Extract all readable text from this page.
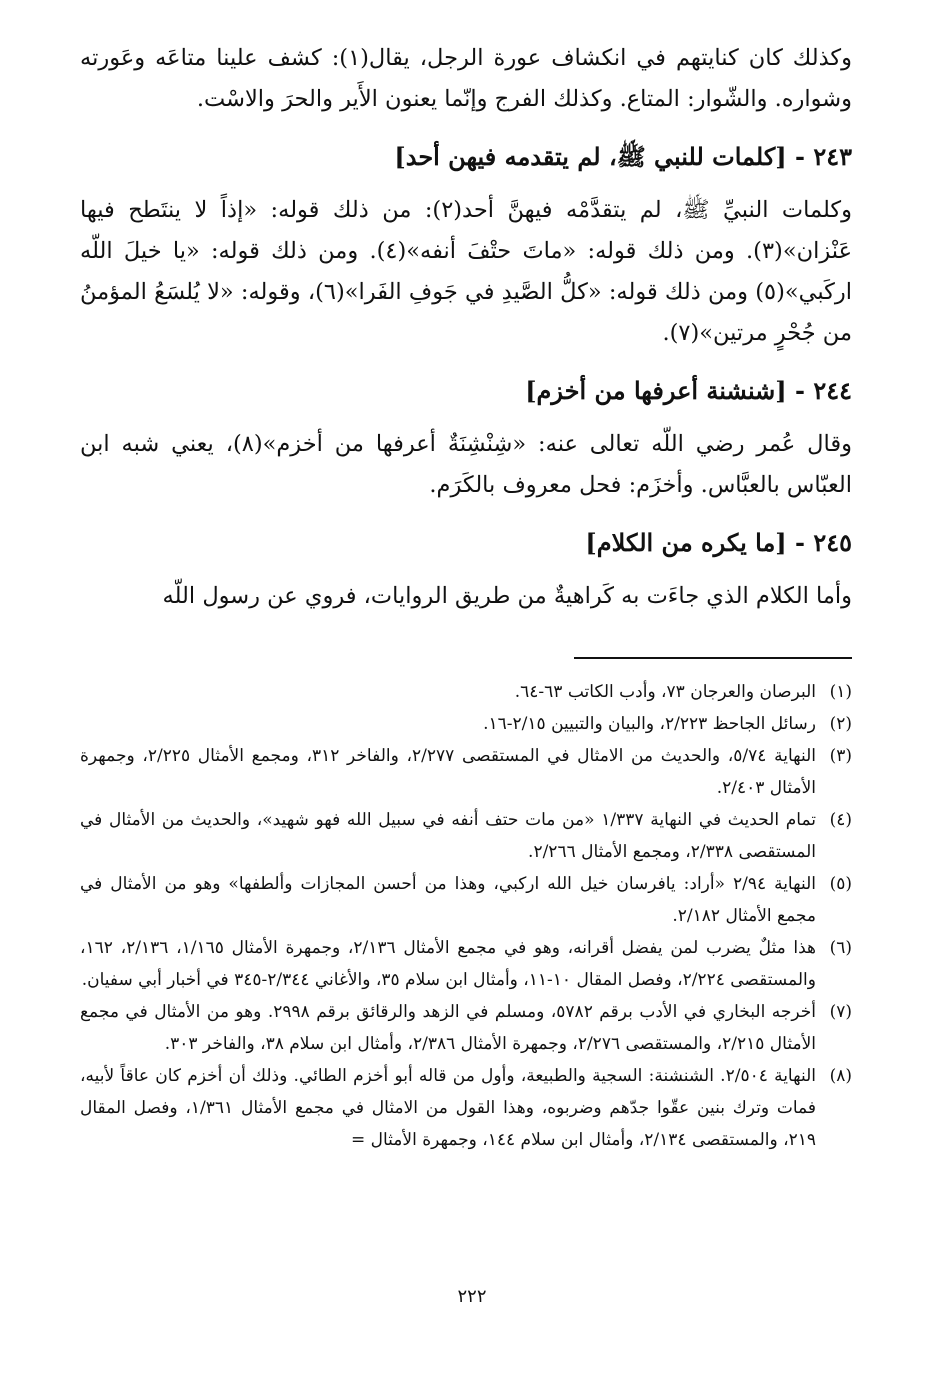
وكذلك كان كنايتهم في انكشاف عورة الرجل، يقال(١): كشف علينا متاعَه وعَورته وشواره. والشّوار: المتاع. وكذلك الفرج وإنّما يعنون الأَير والحرَ والاسْت.

٢٤٣ - [كلمات للنبي ﷺ، لم يتقدمه فيهن أحد]

وكلمات النبيِّ ﷺ، لم يتقدَّمْه فيهنَّ أحد(٢): من ذلك قوله: «إذاً لا ينتَطح فيها عَنْزان»(٣). ومن ذلك قوله: «ماتَ حتْفَ أنفه»(٤). ومن ذلك قوله: «يا خيلَ اللّه اركَبي»(٥) ومن ذلك قوله: «كلُّ الصَّيدِ في جَوفِ الفَرا»(٦)، وقوله: «لا يُلسَعُ المؤمنُ من جُحْرٍ مرتين»(٧).

٢٤٤ - [شنشنة أعرفها من أخزم]

وقال عُمر رضي اللّه تعالى عنه: «شِنْشِنَةٌ أعرفها من أخزم»(٨)، يعني شبه ابن العبّاس بالعبَّاس. وأخزَم: فحل معروف بالكَرَم.

٢٤٥ - [ما يكره من الكلام]

وأما الكلام الذي جاءَت به كَراهيةٌ من طريق الروايات، فروي عن رسول اللّه

(١)
البرصان والعرجان ٧٣، وأدب الكاتب ٦٣-٦٤.
(٢)
رسائل الجاحظ ٢/٢٢٣، والبيان والتبيين ٢/١٥-١٦.
(٣)
النهاية ٥/٧٤، والحديث من الامثال في المستقصى ٢/٢٧٧، والفاخر ٣١٢، ومجمع الأمثال ٢/٢٢٥، وجمهرة الأمثال ٢/٤٠٣.
(٤)
تمام الحديث في النهاية ١/٣٣٧ «من مات حتف أنفه في سبيل الله فهو شهيد»، والحديث من الأمثال في المستقصى ٢/٣٣٨، ومجمع الأمثال ٢/٢٦٦.
(٥)
النهاية ٢/٩٤ «أراد: يافرسان خيل الله اركبي، وهذا من أحسن المجازات وألطفها» وهو من الأمثال في مجمع الأمثال ٢/١٨٢.
(٦)
هذا مثلٌ يضرب لمن يفضل أقرانه، وهو في مجمع الأمثال ٢/١٣٦، وجمهرة الأمثال ١/١٦٥، ٢/١٣٦، ١٦٢، والمستقصى ٢/٢٢٤، وفصل المقال ١٠-١١، وأمثال ابن سلام ٣٥، والأغاني ٢/٣٤٤-٣٤٥ في أخبار أبي سفيان.
(٧)
أخرجه البخاري في الأدب برقم ٥٧٨٢، ومسلم في الزهد والرقائق برقم ٢٩٩٨. وهو من الأمثال في مجمع الأمثال ٢/٢١٥، والمستقصى ٢/٢٧٦، وجمهرة الأمثال ٢/٣٨٦، وأمثال ابن سلام ٣٨، والفاخر ٣٠٣.
(٨)
النهاية ٢/٥٠٤. الشنشنة: السجية والطبيعة، وأول من قاله أبو أخزم الطائي. وذلك أن أخزم كان عاقاً لأبيه، فمات وترك بنين عقّوا جدّهم وضربوه، وهذا القول من الامثال في مجمع الأمثال ١/٣٦١، وفصل المقال ٢١٩، والمستقصى ٢/١٣٤، وأمثال ابن سلام ١٤٤، وجمهرة الأمثال =
٢٢٢
